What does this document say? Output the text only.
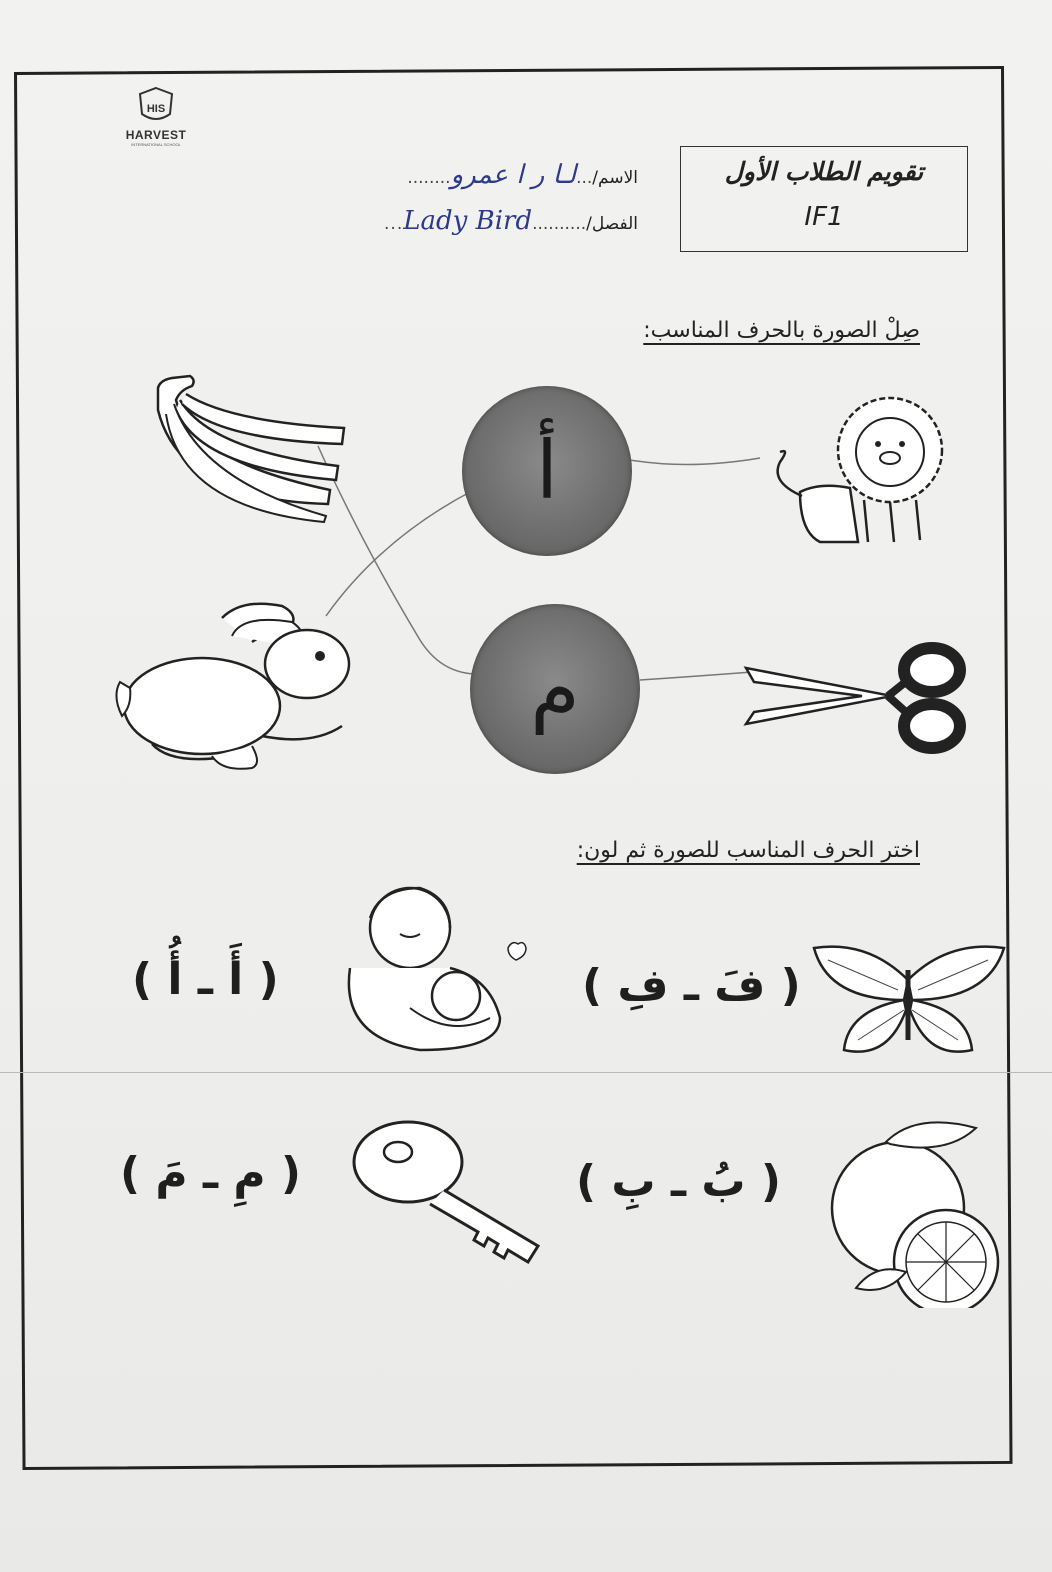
HIS
HARVEST
INTERNATIONAL SCHOOL
تقويم الطلاب الأول
IF1
الاسم/...لـا ر ا عمرو........
الفصل/..........Lady Bird...
صِلْ الصورة بالحرف المناسب:
أ
م
اختر الحرف المناسب للصورة ثم لون:
( أَ ـ أُ )	( فَ ـ فِ )
( مِ ـ مَ )	( بُ ـ بِ )
